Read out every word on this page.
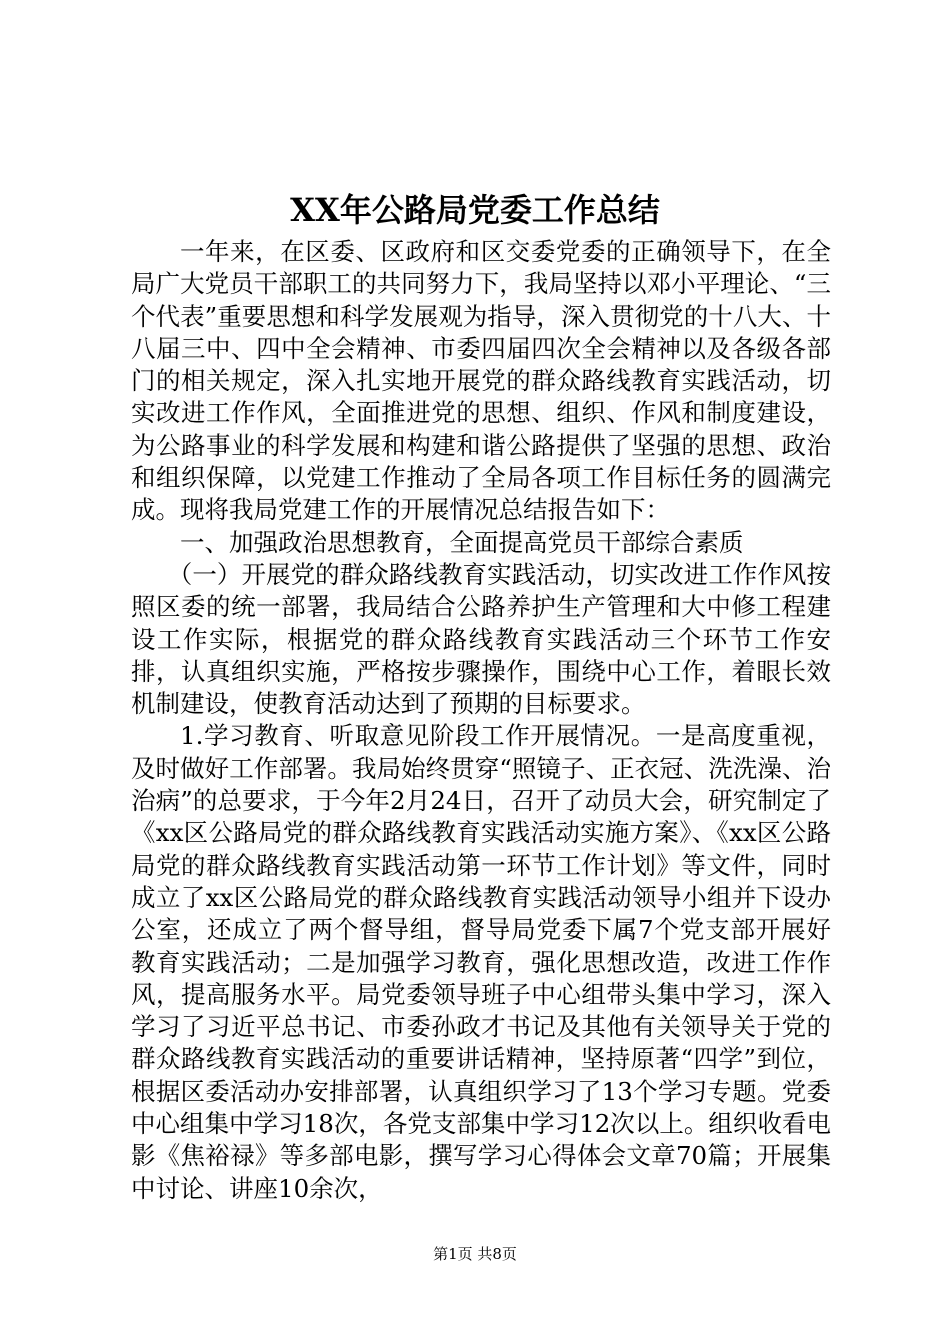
XX年公路局党委工作总结

一年来，在区委、区政府和区交委党委的正确领导下，在全局广大党员干部职工的共同努力下，我局坚持以邓小平理论、“三个代表”重要思想和科学发展观为指导，深入贯彻党的十八大、十八届三中、四中全会精神、市委四届四次全会精神以及各级各部门的相关规定，深入扎实地开展党的群众路线教育实践活动，切实改进工作作风，全面推进党的思想、组织、作风和制度建设，为公路事业的科学发展和构建和谐公路提供了坚强的思想、政治和组织保障，以党建工作推动了全局各项工作目标任务的圆满完成。现将我局党建工作的开展情况总结报告如下：

一、加强政治思想教育，全面提高党员干部综合素质

（一）开展党的群众路线教育实践活动，切实改进工作作风按照区委的统一部署，我局结合公路养护生产管理和大中修工程建设工作实际，根据党的群众路线教育实践活动三个环节工作安排，认真组织实施，严格按步骤操作，围绕中心工作，着眼长效机制建设，使教育活动达到了预期的目标要求。

1.学习教育、听取意见阶段工作开展情况。一是高度重视，及时做好工作部署。我局始终贯穿“照镜子、正衣冠、洗洗澡、治治病”的总要求，于今年2月24日，召开了动员大会，研究制定了《xx区公路局党的群众路线教育实践活动实施方案》、《xx区公路局党的群众路线教育实践活动第一环节工作计划》等文件，同时成立了xx区公路局党的群众路线教育实践活动领导小组并下设办公室，还成立了两个督导组，督导局党委下属7个党支部开展好教育实践活动；二是加强学习教育，强化思想改造，改进工作作风，提高服务水平。局党委领导班子中心组带头集中学习，深入学习了习近平总书记、市委孙政才书记及其他有关领导关于党的群众路线教育实践活动的重要讲话精神，坚持原著“四学”到位，根据区委活动办安排部署，认真组织学习了13个学习专题。党委中心组集中学习18次，各党支部集中学习12次以上。组织收看电影《焦裕禄》等多部电影，撰写学习心得体会文章70篇；开展集中讨论、讲座10余次，

第1页 共8页
